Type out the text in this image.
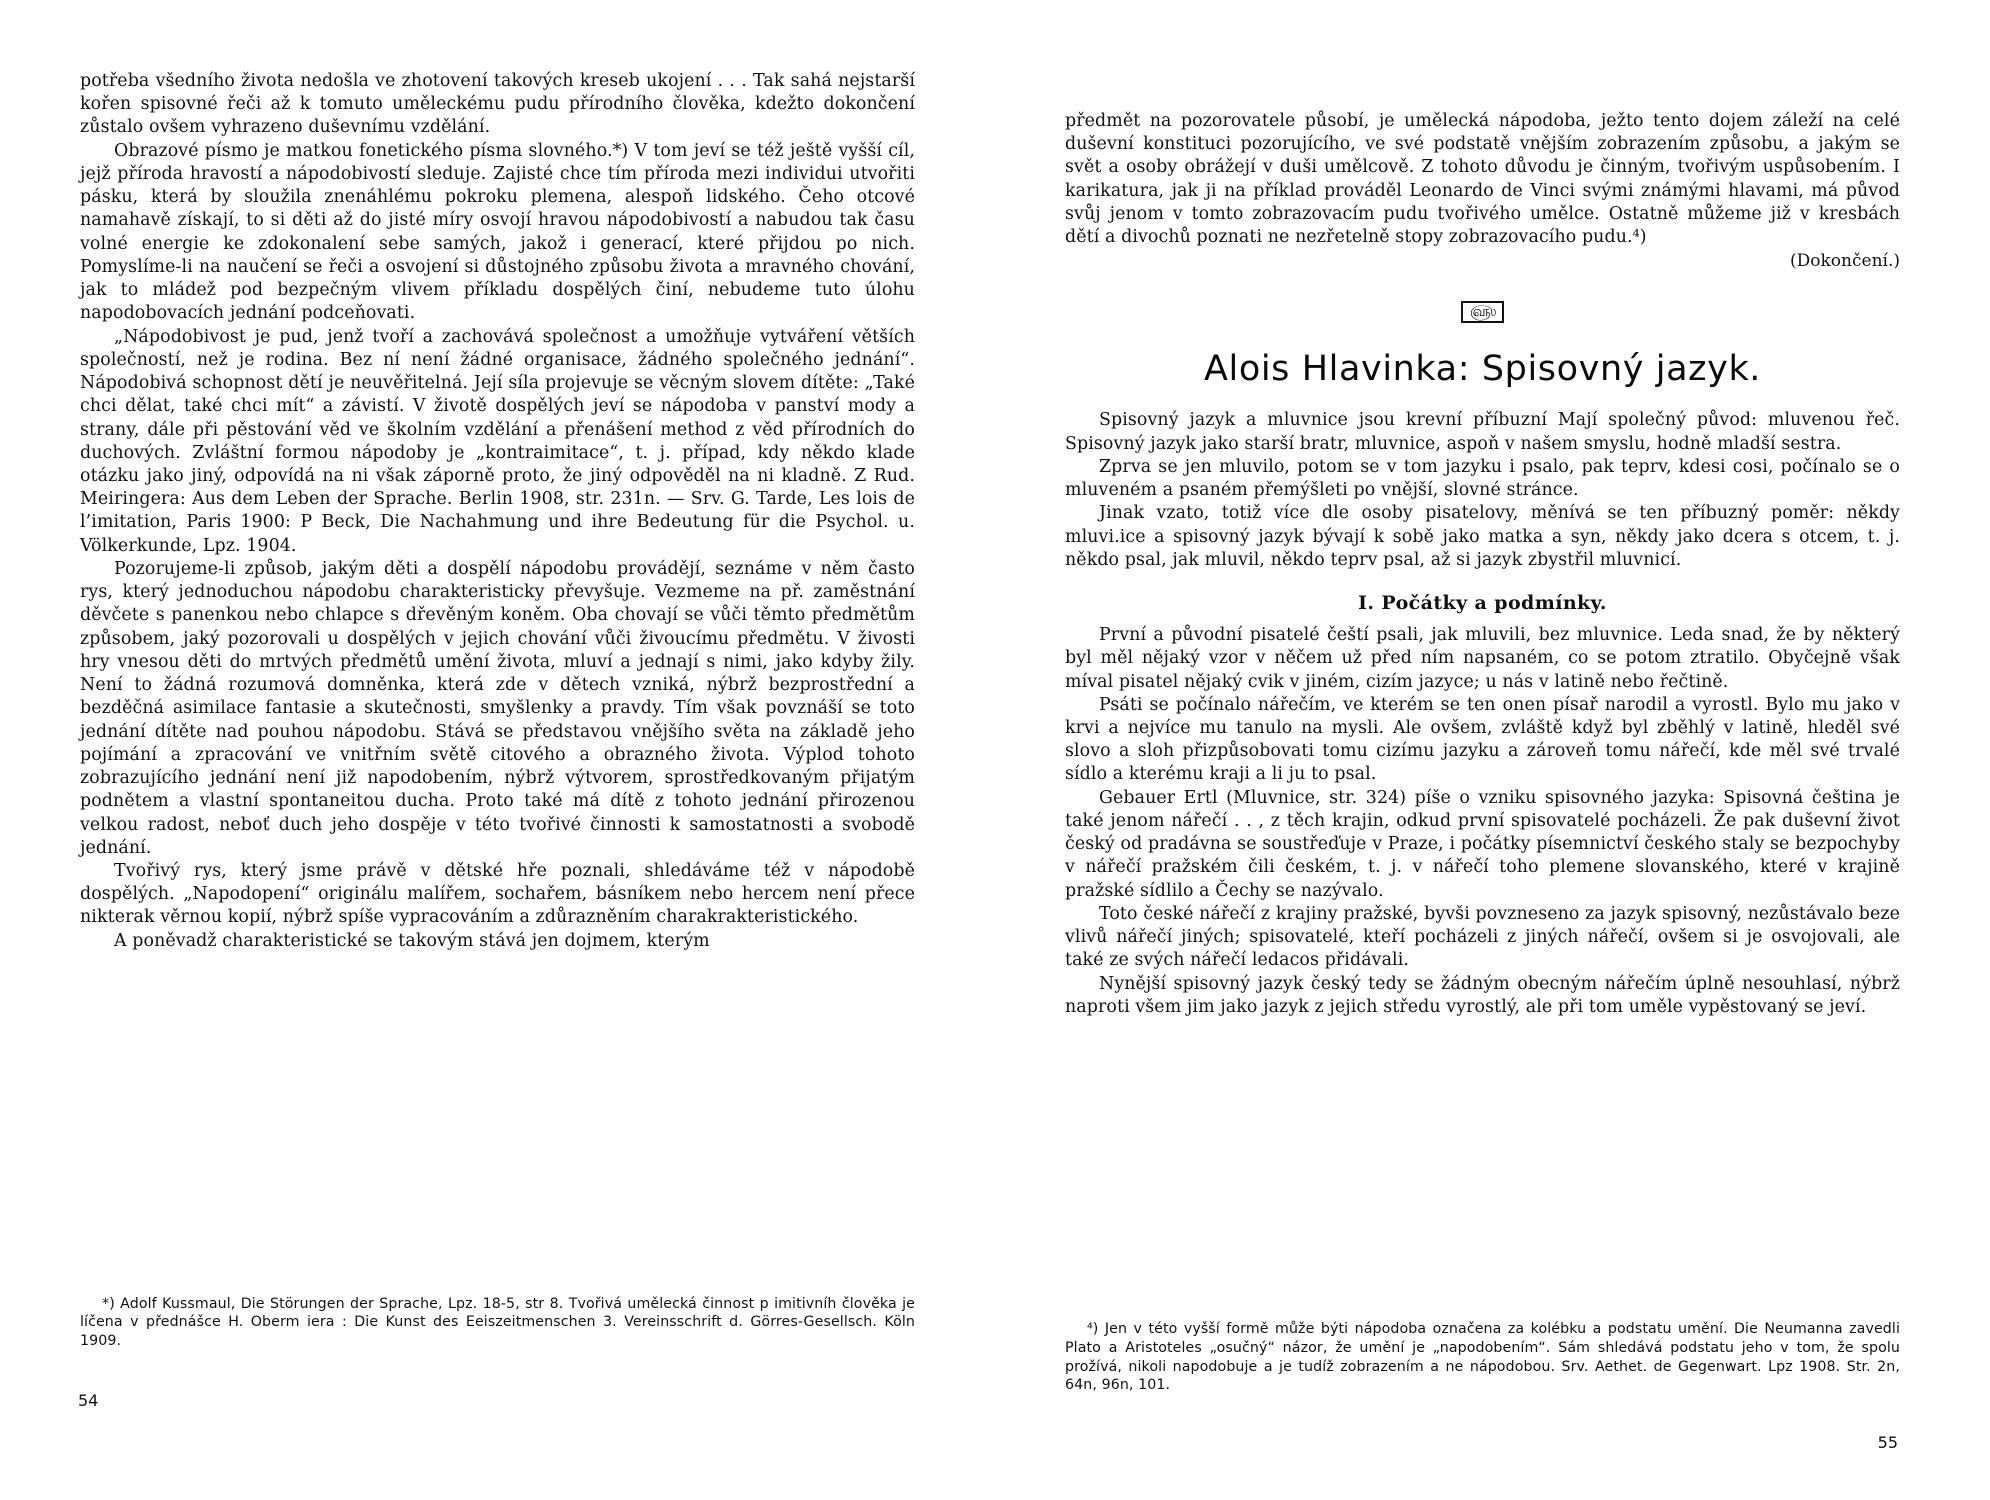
potřeba všedního života nedošla ve zhotovení takových kreseb ukojení . . . Tak sahá nejstarší kořen spisovné řeči až k tomuto uměleckému pudu přírodního člověka, kdežto dokončení zůstalo ovšem vyhrazeno duševnímu vzdělání.

Obrazové písmo je matkou fonetického písma slovného.*) V tom jeví se též ještě vyšší cíl, jejž příroda hravostí a nápodobivostí sleduje. Zajisté chce tím příroda mezi individui utvořiti pásku, která by sloužila znenáhlému pokroku plemena, alespoň lidského. Čeho otcové namahavě získají, to si děti až do jisté míry osvojí hravou nápodobivostí a nabudou tak času volné energie ke zdokonalení sebe samých, jakož i generací, které přijdou po nich. Pomyslíme-li na naučení se řeči a osvojení si důstojného způsobu života a mravného chování, jak to mládež pod bezpečným vlivem příkladu dospělých činí, nebudeme tuto úlohu napodobovacích jednání podceňovati.

„Nápodobivost je pud, jenž tvoří a zachovává společnost a umožňuje vytváření větších společností, než je rodina. Bez ní není žádné organisace, žádného společného jednání“. Nápodobivá schopnost dětí je neuvěřitelná. Její síla projevuje se věcným slovem dítěte: „Také chci dělat, také chci mít“ a závistí. V životě dospělých jeví se nápodoba v panství mody a strany, dále při pěstování věd ve školním vzdělání a přenášení method z věd přírodních do duchových. Zvláštní formou nápodoby je „kontraimitace“, t. j. případ, kdy někdo klade otázku jako jiný, odpovídá na ni však záporně proto, že jiný odpověděl na ni kladně. Z Rud. Meiringera: Aus dem Leben der Sprache. Berlin 1908, str. 231n. — Srv. G. Tarde, Les lois de l’imitation, Paris 1900: P Beck, Die Nachahmung und ihre Bedeutung für die Psychol. u. Völkerkunde, Lpz. 1904.

Pozorujeme-li způsob, jakým děti a dospělí nápodobu provádějí, seznáme v něm často rys, který jednoduchou nápodobu charakteristicky převyšuje. Vezmeme na př. zaměstnání děvčete s panenkou nebo chlapce s dřevěným koněm. Oba chovají se vůči těmto předmětům způsobem, jaký pozorovali u dospělých v jejich chování vůči živoucímu předmětu. V živosti hry vnesou děti do mrtvých předmětů umění života, mluví a jednají s nimi, jako kdyby žily. Není to žádná rozumová domněnka, která zde v dětech vzniká, nýbrž bezprostřední a bezděčná asimilace fantasie a skutečnosti, smyšlenky a pravdy. Tím však povznáší se toto jednání dítěte nad pouhou nápodobu. Stává se představou vnějšího světa na základě jeho pojímání a zpracování ve vnitřním světě citového a obrazného života. Výplod tohoto zobrazujícího jednání není již napodobením, nýbrž výtvorem, sprostředkovaným přijatým podnětem a vlastní spontaneitou ducha. Proto také má dítě z tohoto jednání přirozenou velkou radost, neboť duch jeho dospěje v této tvořivé činnosti k samostatnosti a svobodě jednání.

Tvořivý rys, který jsme právě v dětské hře poznali, shledáváme též v nápodobě dospělých. „Napodopení“ originálu malířem, sochařem, básníkem nebo hercem není přece nikterak věrnou kopií, nýbrž spíše vypracováním a zdůrazněním charakrakteristického.

A poněvadž charakteristické se takovým stává jen dojmem, kterým

*) Adolf Kussmaul, Die Störungen der Sprache, Lpz. 18-5, str 8. Tvořivá umělecká činnost p imitivníh člověka je líčena v přednášce H. Oberm iera : Die Kunst des Eeiszeitmenschen 3. Vereinsschrift d. Görres-Gesellsch. Köln 1909.

54

předmět na pozorovatele působí, je umělecká nápodoba, ježto tento dojem záleží na celé duševní konstituci pozorujícího, ve své podstatě vnějším zobrazením způsobu, a jakým se svět a osoby obrážejí v duši umělcově. Z tohoto důvodu je činným, tvořivým uspůsobením. I karikatura, jak ji na příklad prováděl Leonardo de Vinci svými známými hlavami, má původ svůj jenom v tomto zobrazovacím pudu tvořivého umělce. Ostatně můžeme již v kresbách dětí a divochů poznati ne nezřetelně stopy zobrazovacího pudu.⁴)

(Dokončení.)
௵
Alois Hlavinka: Spisovný jazyk.

Spisovný jazyk a mluvnice jsou krevní příbuzní Mají společný původ: mluvenou řeč. Spisovný jazyk jako starší bratr, mluvnice, aspoň v našem smyslu, hodně mladší sestra.

Zprva se jen mluvilo, potom se v tom jazyku i psalo, pak teprv, kdesi cosi, počínalo se o mluveném a psaném přemýšleti po vnější, slovné stránce.

Jinak vzato, totiž více dle osoby pisatelovy, měnívá se ten příbuzný poměr: někdy mluvi.ice a spisovný jazyk bývají k sobě jako matka a syn, někdy jako dcera s otcem, t. j. někdo psal, jak mluvil, někdo teprv psal, až si jazyk zbystřil mluvnicí.

I. Počátky a podmínky.

První a původní pisatelé čeští psali, jak mluvili, bez mluvnice. Leda snad, že by některý byl měl nějaký vzor v něčem už před ním napsaném, co se potom ztratilo. Obyčejně však míval pisatel nějaký cvik v jiném, cizím jazyce; u nás v latině nebo řečtině.

Psáti se počínalo nářečím, ve kterém se ten onen písař narodil a vyrostl. Bylo mu jako v krvi a nejvíce mu tanulo na mysli. Ale ovšem, zvláště když byl zběhlý v latině, hleděl své slovo a sloh přizpůsobovati tomu cizímu jazyku a zároveň tomu nářečí, kde měl své trvalé sídlo a kterému kraji a li ju to psal.

Gebauer Ertl (Mluvnice, str. 324) píše o vzniku spisovného jazyka: Spisovná čeština je také jenom nářečí . . , z těch krajin, odkud první spisovatelé pocházeli. Že pak duševní život český od pradávna se soustřeďuje v Praze, i počátky písemnictví českého staly se bezpochyby v nářečí pražském čili českém, t. j. v nářečí toho plemene slovanského, které v krajině pražské sídlilo a Čechy se nazývalo.

Toto české nářečí z krajiny pražské, byvši povzneseno za jazyk spisovný, nezůstávalo beze vlivů nářečí jiných; spisovatelé, kteří pocházeli z jiných nářečí, ovšem si je osvojovali, ale také ze svých nářečí ledacos přidávali.

Nynější spisovný jazyk český tedy se žádným obecným nářečím úplně nesouhlasí, nýbrž naproti všem jim jako jazyk z jejich středu vyrostlý, ale při tom uměle vypěstovaný se jeví.

⁴) Jen v této vyšší formě může býti nápodoba označena za kolébku a podstatu umění. Die Neumanna zavedli Plato a Aristoteles „osučný“ názor, že umění je „napodobením“. Sám shledává podstatu jeho v tom, že spolu prožívá, nikoli napodobuje a je tudíž zobrazením a ne nápodobou. Srv. Aethet. de Gegenwart. Lpz 1908. Str. 2n, 64n, 96n, 101.

55
